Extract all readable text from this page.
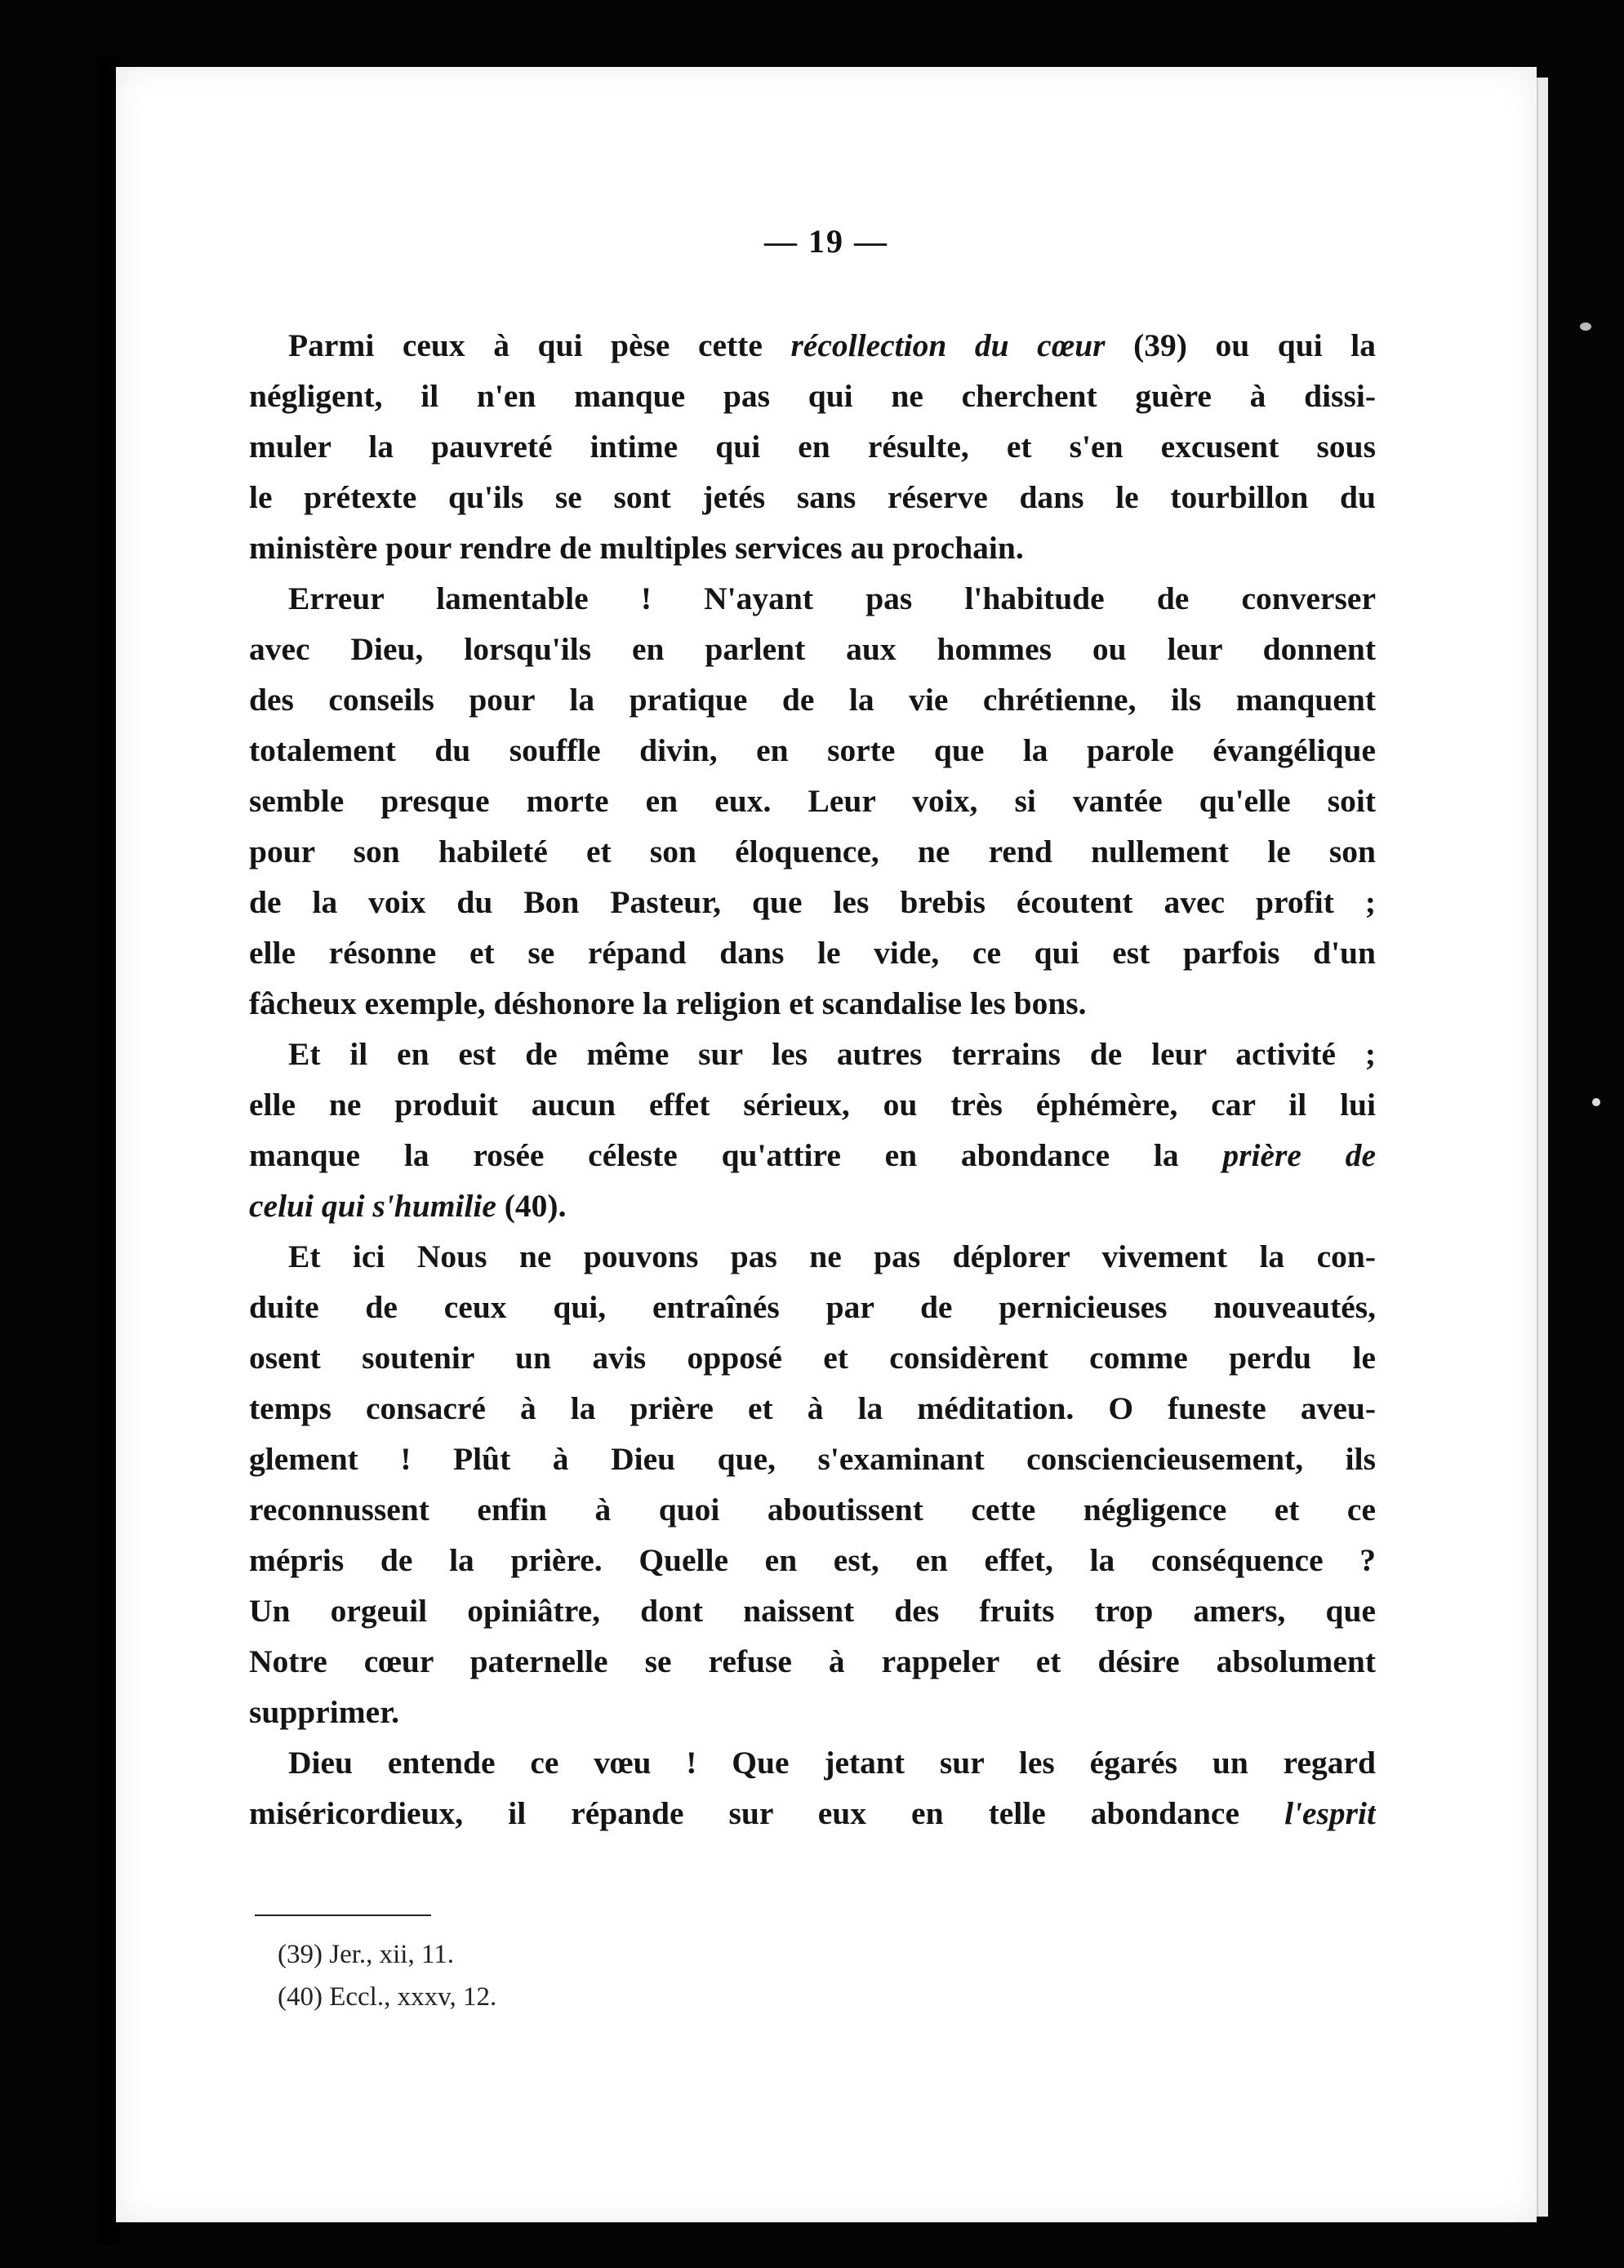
— 19 —
Parmi ceux à qui pèse cette récollection du cœur (39) ou qui la
négligent, il n'en manque pas qui ne cherchent guère à dissi-
muler la pauvreté intime qui en résulte, et s'en excusent sous
le prétexte qu'ils se sont jetés sans réserve dans le tourbillon du
ministère pour rendre de multiples services au prochain.
Erreur lamentable ! N'ayant pas l'habitude de converser
avec Dieu, lorsqu'ils en parlent aux hommes ou leur donnent
des conseils pour la pratique de la vie chrétienne, ils manquent
totalement du souffle divin, en sorte que la parole évangélique
semble presque morte en eux. Leur voix, si vantée qu'elle soit
pour son habileté et son éloquence, ne rend nullement le son
de la voix du Bon Pasteur, que les brebis écoutent avec profit ;
elle résonne et se répand dans le vide, ce qui est parfois d'un
fâcheux exemple, déshonore la religion et scandalise les bons.
Et il en est de même sur les autres terrains de leur activité ;
elle ne produit aucun effet sérieux, ou très éphémère, car il lui
manque la rosée céleste qu'attire en abondance la prière de
celui qui s'humilie (40).
Et ici Nous ne pouvons pas ne pas déplorer vivement la con-
duite de ceux qui, entraînés par de pernicieuses nouveautés,
osent soutenir un avis opposé et considèrent comme perdu le
temps consacré à la prière et à la méditation. O funeste aveu-
glement ! Plût à Dieu que, s'examinant consciencieusement, ils
reconnussent enfin à quoi aboutissent cette négligence et ce
mépris de la prière. Quelle en est, en effet, la conséquence ?
Un orgeuil opiniâtre, dont naissent des fruits trop amers, que
Notre cœur paternelle se refuse à rappeler et désire absolument
supprimer.
Dieu entende ce vœu ! Que jetant sur les égarés un regard
miséricordieux, il répande sur eux en telle abondance l'esprit
(39) Jer., xii, 11.
(40) Eccl., xxxv, 12.
